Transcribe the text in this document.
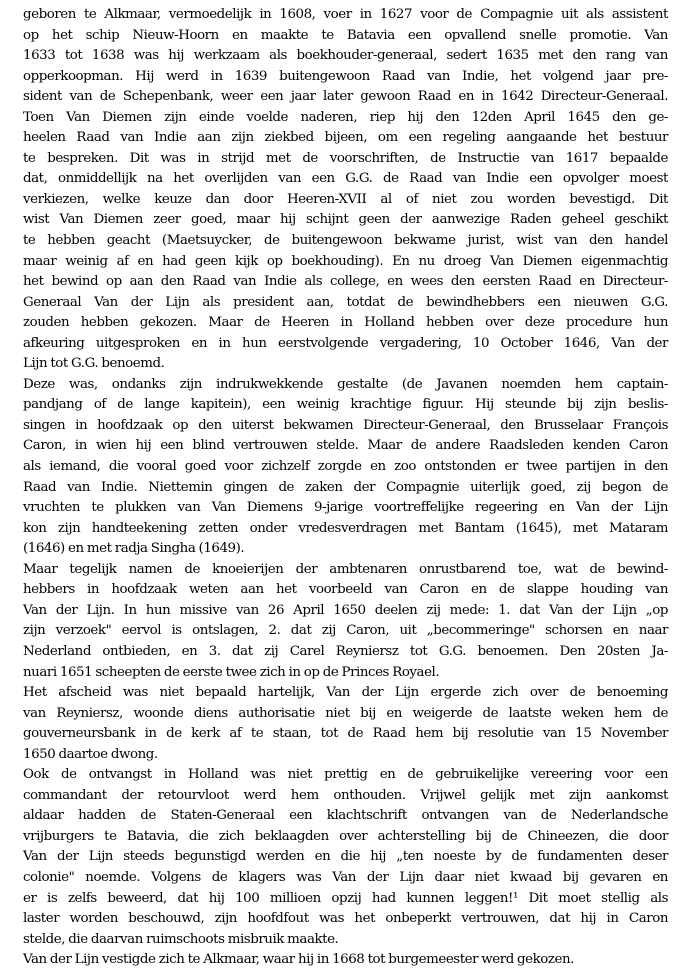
geboren te Alkmaar, vermoedelijk in 1608, voer in 1627 voor de Compagnie uit als assistent
op het schip Nieuw-Hoorn en maakte te Batavia een opvallend snelle promotie. Van
1633 tot 1638 was hij werkzaam als boekhouder-generaal, sedert 1635 met den rang van
opperkoopman. Hij werd in 1639 buitengewoon Raad van Indie, het volgend jaar pre-
sident van de Schepenbank, weer een jaar later gewoon Raad en in 1642 Directeur-Generaal.
Toen Van Diemen zijn einde voelde naderen, riep hij den 12den April 1645 den ge-
heelen Raad van Indie aan zijn ziekbed bijeen, om een regeling aangaande het bestuur
te bespreken. Dit was in strijd met de voorschriften, de Instructie van 1617 bepaalde
dat, onmiddellijk na het overlijden van een G.G. de Raad van Indie een opvolger moest
verkiezen, welke keuze dan door Heeren-XVII al of niet zou worden bevestigd. Dit
wist Van Diemen zeer goed, maar hij schijnt geen der aanwezige Raden geheel geschikt
te hebben geacht (Maetsuycker, de buitengewoon bekwame jurist, wist van den handel
maar weinig af en had geen kijk op boekhouding). En nu droeg Van Diemen eigenmachtig
het bewind op aan den Raad van Indie als college, en wees den eersten Raad en Directeur-
Generaal Van der Lijn als president aan, totdat de bewindhebbers een nieuwen G.G.
zouden hebben gekozen. Maar de Heeren in Holland hebben over deze procedure hun
afkeuring uitgesproken en in hun eerstvolgende vergadering, 10 October 1646, Van der
Lijn tot G.G. benoemd.
Deze was, ondanks zijn indrukwekkende gestalte (de Javanen noemden hem captain-
pandjang of de lange kapitein), een weinig krachtige figuur. Hij steunde bij zijn beslis-
singen in hoofdzaak op den uiterst bekwamen Directeur-Generaal, den Brusselaar François
Caron, in wien hij een blind vertrouwen stelde. Maar de andere Raadsleden kenden Caron
als iemand, die vooral goed voor zichzelf zorgde en zoo ontstonden er twee partijen in den
Raad van Indie. Niettemin gingen de zaken der Compagnie uiterlijk goed, zij begon de
vruchten te plukken van Van Diemens 9-jarige voortreffelijke regeering en Van der Lijn
kon zijn handteekening zetten onder vredesverdragen met Bantam (1645), met Mataram
(1646) en met radja Singha (1649).
Maar tegelijk namen de knoeierijen der ambtenaren onrustbarend toe, wat de bewind-
hebbers in hoofdzaak weten aan het voorbeeld van Caron en de slappe houding van
Van der Lijn. In hun missive van 26 April 1650 deelen zij mede: 1. dat Van der Lijn „op
zijn verzoek" eervol is ontslagen, 2. dat zij Caron, uit „becommeringe" schorsen en naar
Nederland ontbieden, en 3. dat zij Carel Reyniersz tot G.G. benoemen. Den 20sten Ja-
nuari 1651 scheepten de eerste twee zich in op de Princes Royael.
Het afscheid was niet bepaald hartelijk, Van der Lijn ergerde zich over de benoeming
van Reyniersz, woonde diens authorisatie niet bij en weigerde de laatste weken hem de
gouverneursbank in de kerk af te staan, tot de Raad hem bij resolutie van 15 November
1650 daartoe dwong.
Ook de ontvangst in Holland was niet prettig en de gebruikelijke vereering voor een
commandant der retourvloot werd hem onthouden. Vrijwel gelijk met zijn aankomst
aldaar hadden de Staten-Generaal een klachtschrift ontvangen van de Nederlandsche
vrijburgers te Batavia, die zich beklaagden over achterstelling bij de Chineezen, die door
Van der Lijn steeds begunstigd werden en die hij „ten noeste by de fundamenten deser
colonie" noemde. Volgens de klagers was Van der Lijn daar niet kwaad bij gevaren en
er is zelfs beweerd, dat hij 100 millioen opzij had kunnen leggen!¹ Dit moet stellig als
laster worden beschouwd, zijn hoofdfout was het onbeperkt vertrouwen, dat hij in Caron
stelde, die daarvan ruimschoots misbruik maakte.
Van der Lijn vestigde zich te Alkmaar, waar hij in 1668 tot burgemeester werd gekozen.
